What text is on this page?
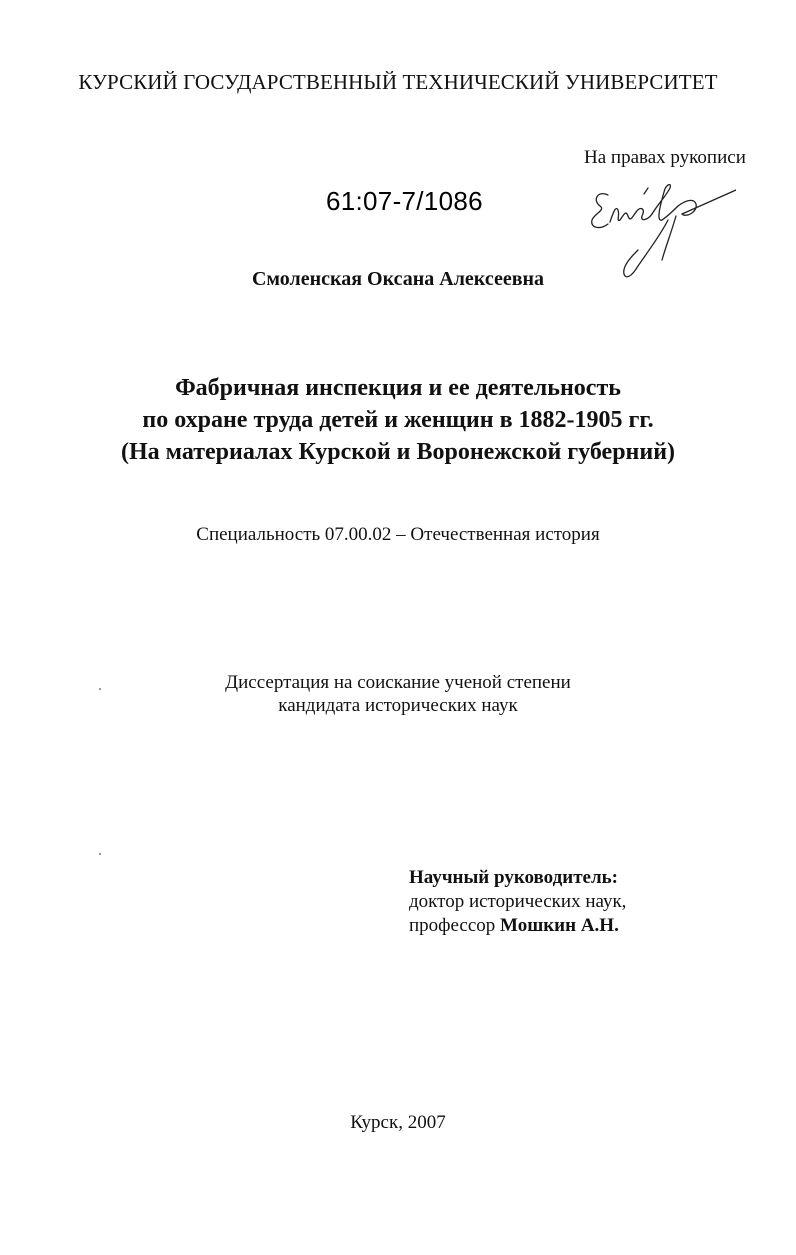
КУРСКИЙ ГОСУДАРСТВЕННЫЙ ТЕХНИЧЕСКИЙ УНИВЕРСИТЕТ
На правах рукописи
61:07-7/1086
Смоленская Оксана Алексеевна
Фабричная инспекция и ее деятельность
по охране труда детей и женщин в 1882-1905 гг.
(На материалах Курской и Воронежской губерний)
Специальность 07.00.02 – Отечественная история
Диссертация на соискание ученой степени
кандидата исторических наук
Научный руководитель:
доктор исторических наук,
профессор Мошкин А.Н.
Курск, 2007
